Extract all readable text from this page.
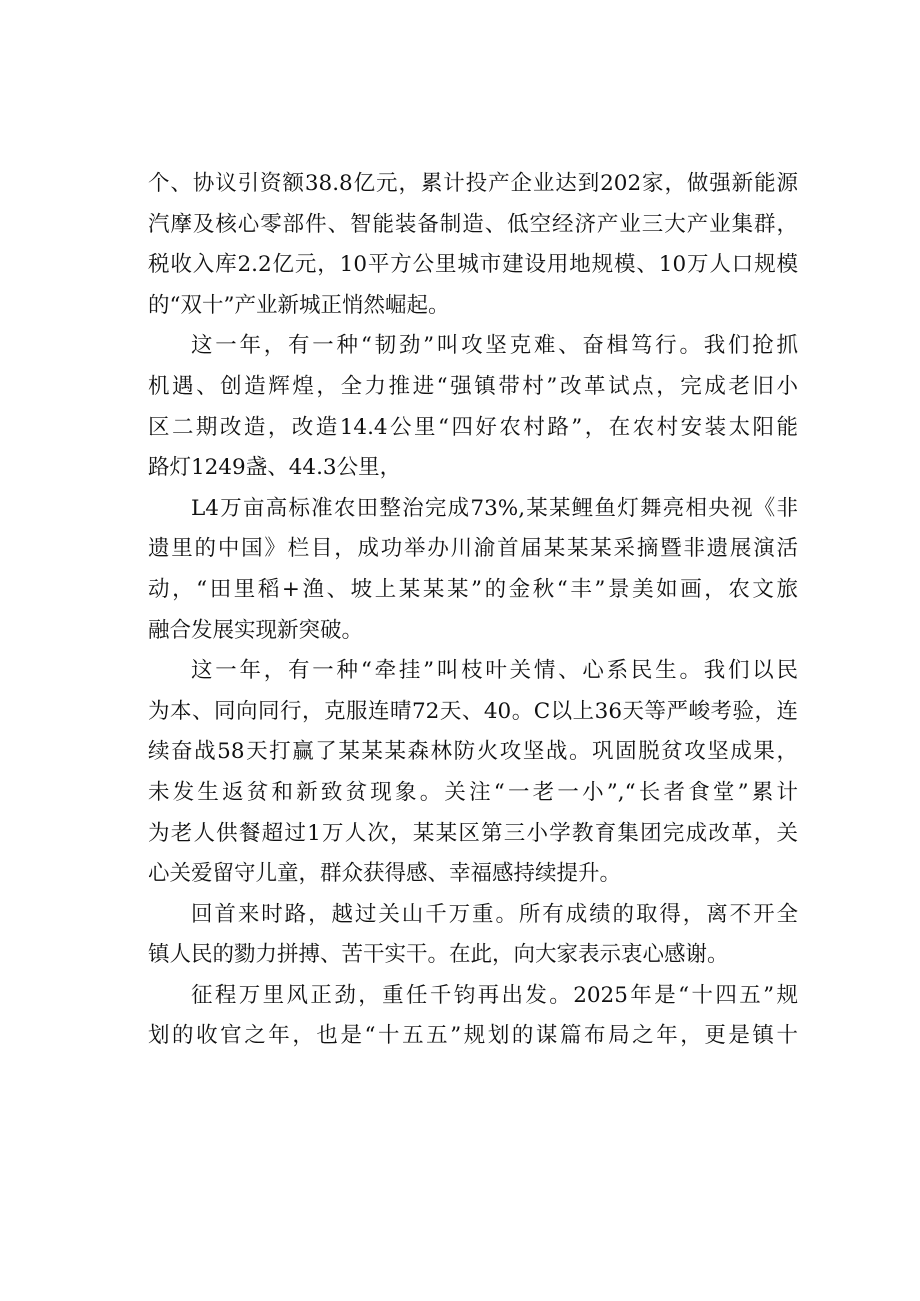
个、协议引资额38.8亿元，累计投产企业达到202家，做强新能源
汽摩及核心零部件、智能装备制造、低空经济产业三大产业集群，
税收入库2.2亿元，10平方公里城市建设用地规模、10万人口规模
的“双十”产业新城正悄然崛起。
这一年，有一种“韧劲”叫攻坚克难、奋楫笃行。我们抢抓
机遇、创造辉煌，全力推进“强镇带村”改革试点，完成老旧小
区二期改造，改造14.4公里“四好农村路”，在农村安装太阳能
路灯1249盏、44.3公里，
L4万亩高标准农田整治完成73%,某某鲤鱼灯舞亮相央视《非
遗里的中国》栏目，成功举办川渝首届某某某采摘暨非遗展演活
动，“田里稻+渔、坡上某某某”的金秋“丰”景美如画，农文旅
融合发展实现新突破。
这一年，有一种“牵挂”叫枝叶关情、心系民生。我们以民
为本、同向同行，克服连晴72天、40。C以上36天等严峻考验，连
续奋战58天打赢了某某某森林防火攻坚战。巩固脱贫攻坚成果，
未发生返贫和新致贫现象。关注“一老一小”,“长者食堂”累计
为老人供餐超过1万人次，某某区第三小学教育集团完成改革，关
心关爱留守儿童，群众获得感、幸福感持续提升。
回首来时路，越过关山千万重。所有成绩的取得，离不开全
镇人民的勠力拼搏、苦干实干。在此，向大家表示衷心感谢。
征程万里风正劲，重任千钧再出发。2025年是“十四五”规
划的收官之年，也是“十五五”规划的谋篇布局之年，更是镇十
